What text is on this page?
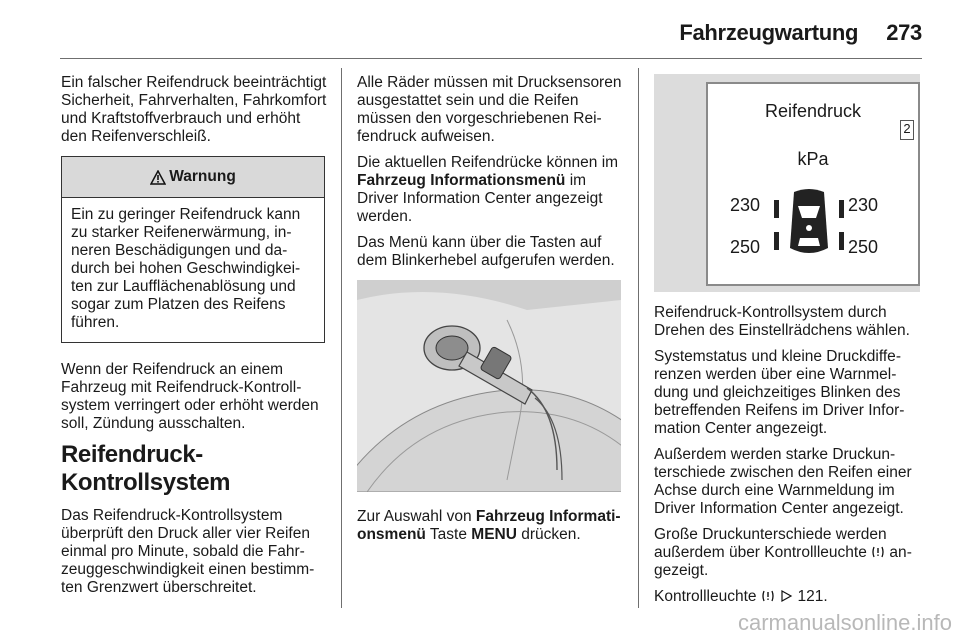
Fahrzeugwartung 273

Ein falscher Reifendruck beeinträchtigt Sicherheit, Fahrverhalten, Fahrkomfort und Kraftstoffverbrauch und erhöht den Reifenverschleiß.

Warnung
Ein zu geringer Reifendruck kann zu starker Reifenerwärmung, inneren Beschädigungen und dadurch bei hohen Geschwindigkeiten zur Laufflächenablösung und sogar zum Platzen des Reifens führen.

Wenn der Reifendruck an einem Fahrzeug mit Reifendruck-Kontrollsystem verringert oder erhöht werden soll, Zündung ausschalten.

Reifendruck-Kontrollsystem

Das Reifendruck-Kontrollsystem überprüft den Druck aller vier Reifen einmal pro Minute, sobald die Fahrzeuggeschwindigkeit einen bestimmten Grenzwert überschreitet.

Alle Räder müssen mit Drucksensoren ausgestattet sein und die Reifen müssen den vorgeschriebenen Reifendruck aufweisen.

Die aktuellen Reifendrücke können im Fahrzeug Informationsmenü im Driver Information Center angezeigt werden.

Das Menü kann über die Tasten auf dem Blinkerhebel aufgerufen werden.

Zur Auswahl von Fahrzeug Informationsmenü Taste MENU drücken.

Reifendruck
2
kPa
230	230
250	250

Reifendruck-Kontrollsystem durch Drehen des Einstellrädchens wählen.

Systemstatus und kleine Druckdifferenzen werden über eine Warnmeldung und gleichzeitiges Blinken des betreffenden Reifens im Driver Information Center angezeigt.

Außerdem werden starke Druckunterschiede zwischen den Reifen einer Achse durch eine Warnmeldung im Driver Information Center angezeigt.

Große Druckunterschiede werden außerdem über Kontrollleuchte  angezeigt.

Kontrollleuchte   121.

carmanualsonline.info
